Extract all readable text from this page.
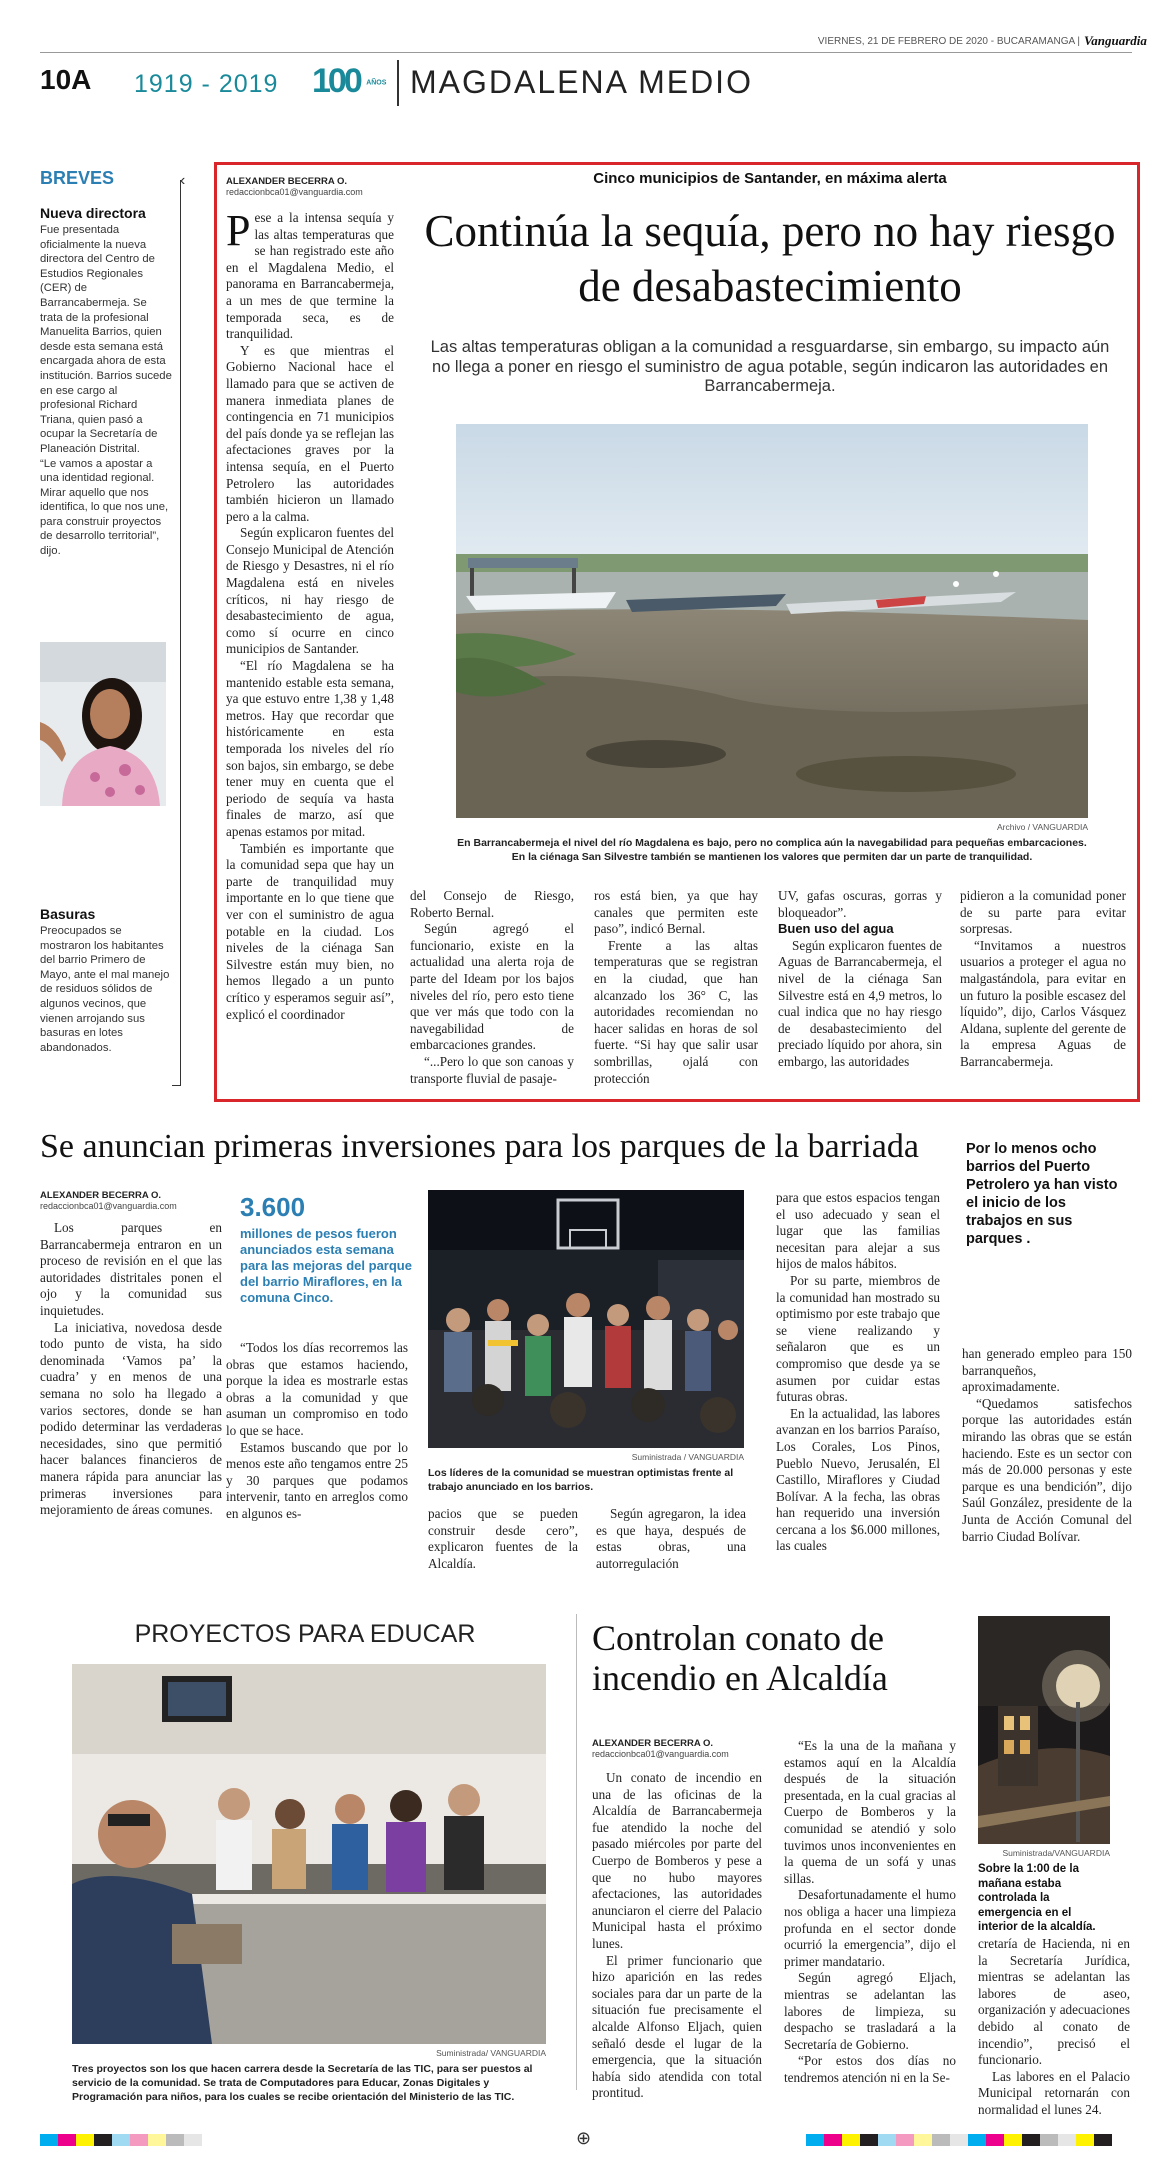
VIERNES, 21 DE FEBRERO DE 2020 - BUCARAMANGA | Vanguardia
10A 1919 - 2019 100 AÑOS MAGDALENA MEDIO
BREVES
Nueva directora
Fue presentada oficialmente la nueva directora del Centro de Estudios Regionales (CER) de Barrancabermeja. Se trata de la profesional Manuelita Barrios, quien desde esta semana está encargada ahora de esta institución. Barrios sucede en ese cargo al profesional Richard Triana, quien pasó a ocupar la Secretaría de Planeación Distrital.
“Le vamos a apostar a una identidad regional. Mirar aquello que nos identifica, lo que nos une, para construir proyectos de desarrollo territorial”, dijo.
Basuras
Preocupados se mostraron los habitantes del barrio Primero de Mayo, ante el mal manejo de residuos sólidos de algunos vecinos, que vienen arrojando sus basuras en lotes abandonados.
‹	ALEXANDER BECERRA O.
redaccionbca01@vanguardia.com
Cinco municipios de Santander, en máxima alerta
Continúa la sequía, pero no hay riesgo de desabastecimiento
Las altas temperaturas obligan a la comunidad a resguardarse, sin embargo, su impacto aún no llega a poner en riesgo el suministro de agua potable, según indicaron las autoridades en Barrancabermeja.
Archivo / VANGUARDIA
En Barrancabermeja el nivel del río Magdalena es bajo, pero no complica aún la navegabilidad para pequeñas embarcaciones. En la ciénaga San Silvestre también se mantienen los valores que permiten dar un parte de tranquilidad.

Pese a la intensa sequía y las altas temperaturas que se han registrado este año en el Magdalena Medio, el panorama en Barrancabermeja, a un mes de que termine la temporada seca, es de tranquilidad.

Y es que mientras el Gobierno Nacional hace el llamado para que se activen de manera inmediata planes de contingencia en 71 municipios del país donde ya se reflejan las afectaciones graves por la intensa sequía, en el Puerto Petrolero las autoridades también hicieron un llamado pero a la calma.

Según explicaron fuentes del Consejo Municipal de Atención de Riesgo y Desastres, ni el río Magdalena está en niveles críticos, ni hay riesgo de desabastecimiento de agua, como sí ocurre en cinco municipios de Santander.

“El río Magdalena se ha mantenido estable esta semana, ya que estuvo entre 1,38 y 1,48 metros. Hay que recordar que históricamente en esta temporada los niveles del río son bajos, sin embargo, se debe tener muy en cuenta que el periodo de sequía va hasta finales de marzo, así que apenas estamos por mitad.

También es importante que la comunidad sepa que hay un parte de tranquilidad muy importante en lo que tiene que ver con el suministro de agua potable en la ciudad. Los niveles de la ciénaga San Silvestre están muy bien, no hemos llegado a un punto crítico y esperamos seguir así”, explicó el coordinador

del Consejo de Riesgo, Roberto Bernal.

Según agregó el funcionario, existe en la actualidad una alerta roja de parte del Ideam por los bajos niveles del río, pero esto tiene que ver más que todo con la navegabilidad de embarcaciones grandes.

“...Pero lo que son canoas y transporte fluvial de pasaje-

ros está bien, ya que hay canales que permiten este paso”, indicó Bernal.

Frente a las altas temperaturas que se registran en la ciudad, que han alcanzado los 36° C, las autoridades recomiendan no hacer salidas en horas de sol fuerte. “Si hay que salir usar sombrillas, ojalá con protección

UV, gafas oscuras, gorras y bloqueador”.

Buen uso del agua

Según explicaron fuentes de Aguas de Barrancabermeja, el nivel de la ciénaga San Silvestre está en 4,9 metros, lo cual indica que no hay riesgo de desabastecimiento del preciado líquido por ahora, sin embargo, las autoridades

pidieron a la comunidad poner de su parte para evitar sorpresas.

“Invitamos a nuestros usuarios a proteger el agua no malgastándola, para evitar en un futuro la posible escasez del líquido”, dijo, Carlos Vásquez Aldana, suplente del gerente de la empresa Aguas de Barrancabermeja.

Se anuncian primeras inversiones para los parques de la barriada
ALEXANDER BECERRA O.
redaccionbca01@vanguardia.com

Los parques en Barrancabermeja entraron en un proceso de revisión en el que las autoridades distritales ponen el ojo y la comunidad sus inquietudes.

La iniciativa, novedosa desde todo punto de vista, ha sido denominada ‘Vamos pa’ la cuadra’ y en menos de una semana no solo ha llegado a varios sectores, donde se han podido determinar las verdaderas necesidades, sino que permitió hacer balances financieros de manera rápida para anunciar las primeras inversiones para mejoramiento de áreas comunes.

3.600
millones de pesos fueron anunciados esta semana para las mejoras del parque del barrio Miraflores, en la comuna Cinco.

“Todos los días recorremos las obras que estamos haciendo, porque la idea es mostrarle estas obras a la comunidad y que asuman un compromiso en todo lo que se hace.

Estamos buscando que por lo menos este año tengamos entre 25 y 30 parques que podamos intervenir, tanto en arreglos como en algunos es-

Suministrada / VANGUARDIA
Los líderes de la comunidad se muestran optimistas frente al trabajo anunciado en los barrios.

pacios que se pueden construir desde cero”, explicaron fuentes de la Alcaldía.

Según agregaron, la idea es que haya, después de estas obras, una autorregulación

para que estos espacios tengan el uso adecuado y sean el lugar que las familias necesitan para alejar a sus hijos de malos hábitos.

Por su parte, miembros de la comunidad han mostrado su optimismo por este trabajo que se viene realizando y señalaron que es un compromiso que desde ya se asumen por cuidar estas futuras obras.

En la actualidad, las labores avanzan en los barrios Paraíso, Los Corales, Los Pinos, Pueblo Nuevo, Jerusalén, El Castillo, Miraflores y Ciudad Bolívar. A la fecha, las obras han requerido una inversión cercana a los $6.000 millones, las cuales

Por lo menos ocho barrios del Puerto Petrolero ya han visto el inicio de los trabajos en sus parques .

han generado empleo para 150 barranqueños, aproximadamente.

“Quedamos satisfechos porque las autoridades están mirando las obras que se están haciendo. Este es un sector con más de 20.000 personas y este parque es una bendición”, dijo Saúl González, presidente de la Junta de Acción Comunal del barrio Ciudad Bolívar.

PROYECTOS PARA EDUCAR
Suministrada/ VANGUARDIA
Tres proyectos son los que hacen carrera desde la Secretaría de las TIC, para ser puestos al servicio de la comunidad. Se trata de Computadores para Educar, Zonas Digitales y Programación para niños, para los cuales se recibe orientación del Ministerio de las TIC.
Controlan conato de incendio en Alcaldía
ALEXANDER BECERRA O.
redaccionbca01@vanguardia.com

Un conato de incendio en una de las oficinas de la Alcaldía de Barrancabermeja fue atendido la noche del pasado miércoles por parte del Cuerpo de Bomberos y pese a que no hubo mayores afectaciones, las autoridades anunciaron el cierre del Palacio Municipal hasta el próximo lunes.

El primer funcionario que hizo aparición en las redes sociales para dar un parte de la situación fue precisamente el alcalde Alfonso Eljach, quien señaló desde el lugar de la emergencia, que la situación había sido atendida con total prontitud.

“Es la una de la mañana y estamos aquí en la Alcaldía después de la situación presentada, en la cual gracias al Cuerpo de Bomberos y la comunidad se atendió y solo tuvimos unos inconvenientes en la quema de un sofá y unas sillas.

Desafortunadamente el humo nos obliga a hacer una limpieza profunda en el sector donde ocurrió la emergencia”, dijo el primer mandatario.

Según agregó Eljach, mientras se adelantan las labores de limpieza, su despacho se trasladará a la Secretaría de Gobierno.

“Por estos dos días no tendremos atención ni en la Se-

Suministrada/VANGUARDIA
Sobre la 1:00 de la mañana estaba controlada la emergencia en el interior de la alcaldía.

cretaría de Hacienda, ni en la Secretaría Jurídica, mientras se adelantan las labores de aseo, organización y adecuaciones debido al conato de incendio”, precisó el funcionario.

Las labores en el Palacio Municipal retornarán con normalidad el lunes 24.

⊕
